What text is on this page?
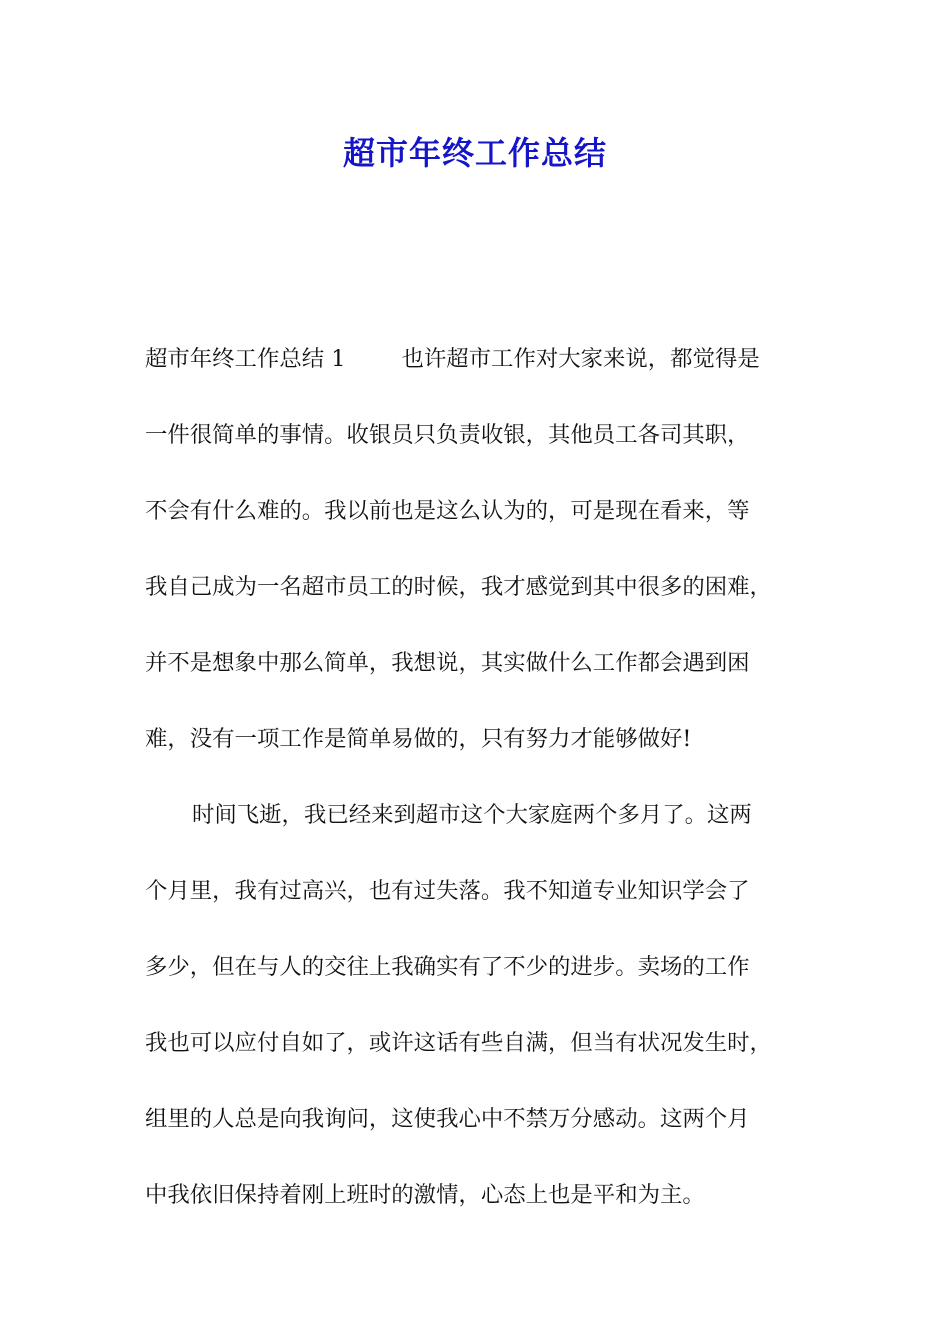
超市年终工作总结
超市年终工作总结 1	也许超市工作对大家来说，都觉得是
一件很简单的事情。收银员只负责收银，其他员工各司其职，
不会有什么难的。我以前也是这么认为的，可是现在看来，等
我自己成为一名超市员工的时候，我才感觉到其中很多的困难，
并不是想象中那么简单，我想说，其实做什么工作都会遇到困
难，没有一项工作是简单易做的，只有努力才能够做好!
时间飞逝，我已经来到超市这个大家庭两个多月了。这两
个月里，我有过高兴，也有过失落。我不知道专业知识学会了
多少，但在与人的交往上我确实有了不少的进步。卖场的工作
我也可以应付自如了，或许这话有些自满，但当有状况发生时，
组里的人总是向我询问，这使我心中不禁万分感动。这两个月
中我依旧保持着刚上班时的激情，心态上也是平和为主。
